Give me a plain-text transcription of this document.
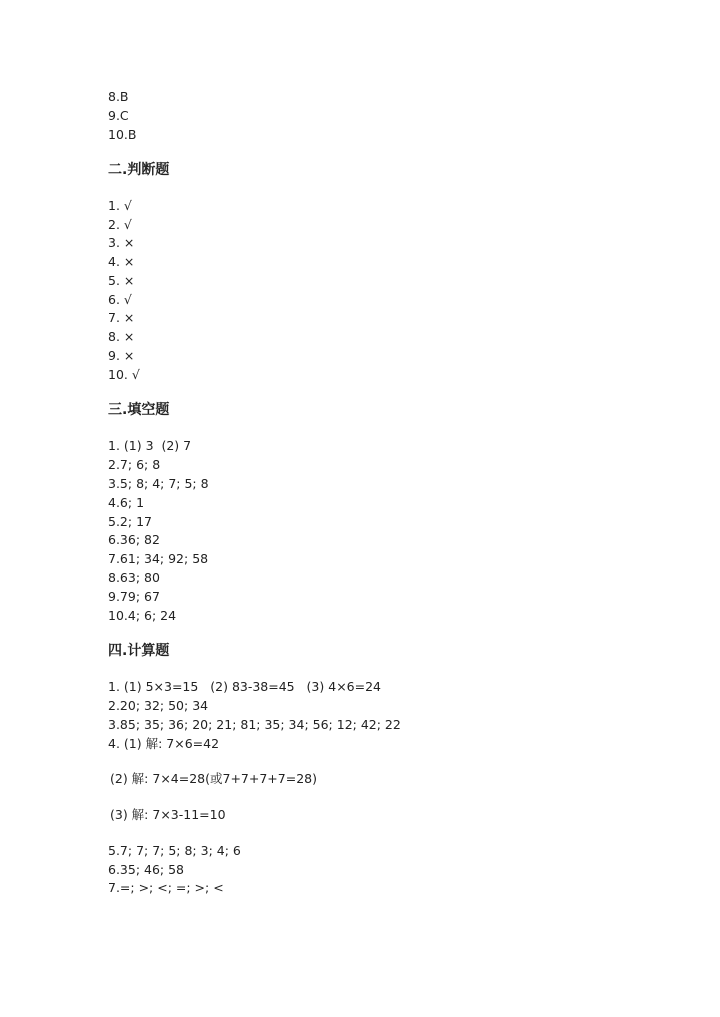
8.B
9.C
10.B
二.判断题
1. √
2. √
3. ×
4. ×
5. ×
6. √
7. ×
8. ×
9. ×
10. √
三.填空题
1. (1) 3  (2) 7
2.7; 6; 8
3.5; 8; 4; 7; 5; 8
4.6; 1
5.2; 17
6.36; 82
7.61; 34; 92; 58
8.63; 80
9.79; 67
10.4; 6; 24
四.计算题
1. (1) 5×3=15   (2) 83-38=45   (3) 4×6=24
2.20; 32; 50; 34
3.85; 35; 36; 20; 21; 81; 35; 34; 56; 12; 42; 22
4. (1) 解: 7×6=42
(2) 解: 7×4=28(或7+7+7+7=28)
(3) 解: 7×3-11=10
5.7; 7; 7; 5; 8; 3; 4; 6
6.35; 46; 58
7.=; >; <; =; >; <
